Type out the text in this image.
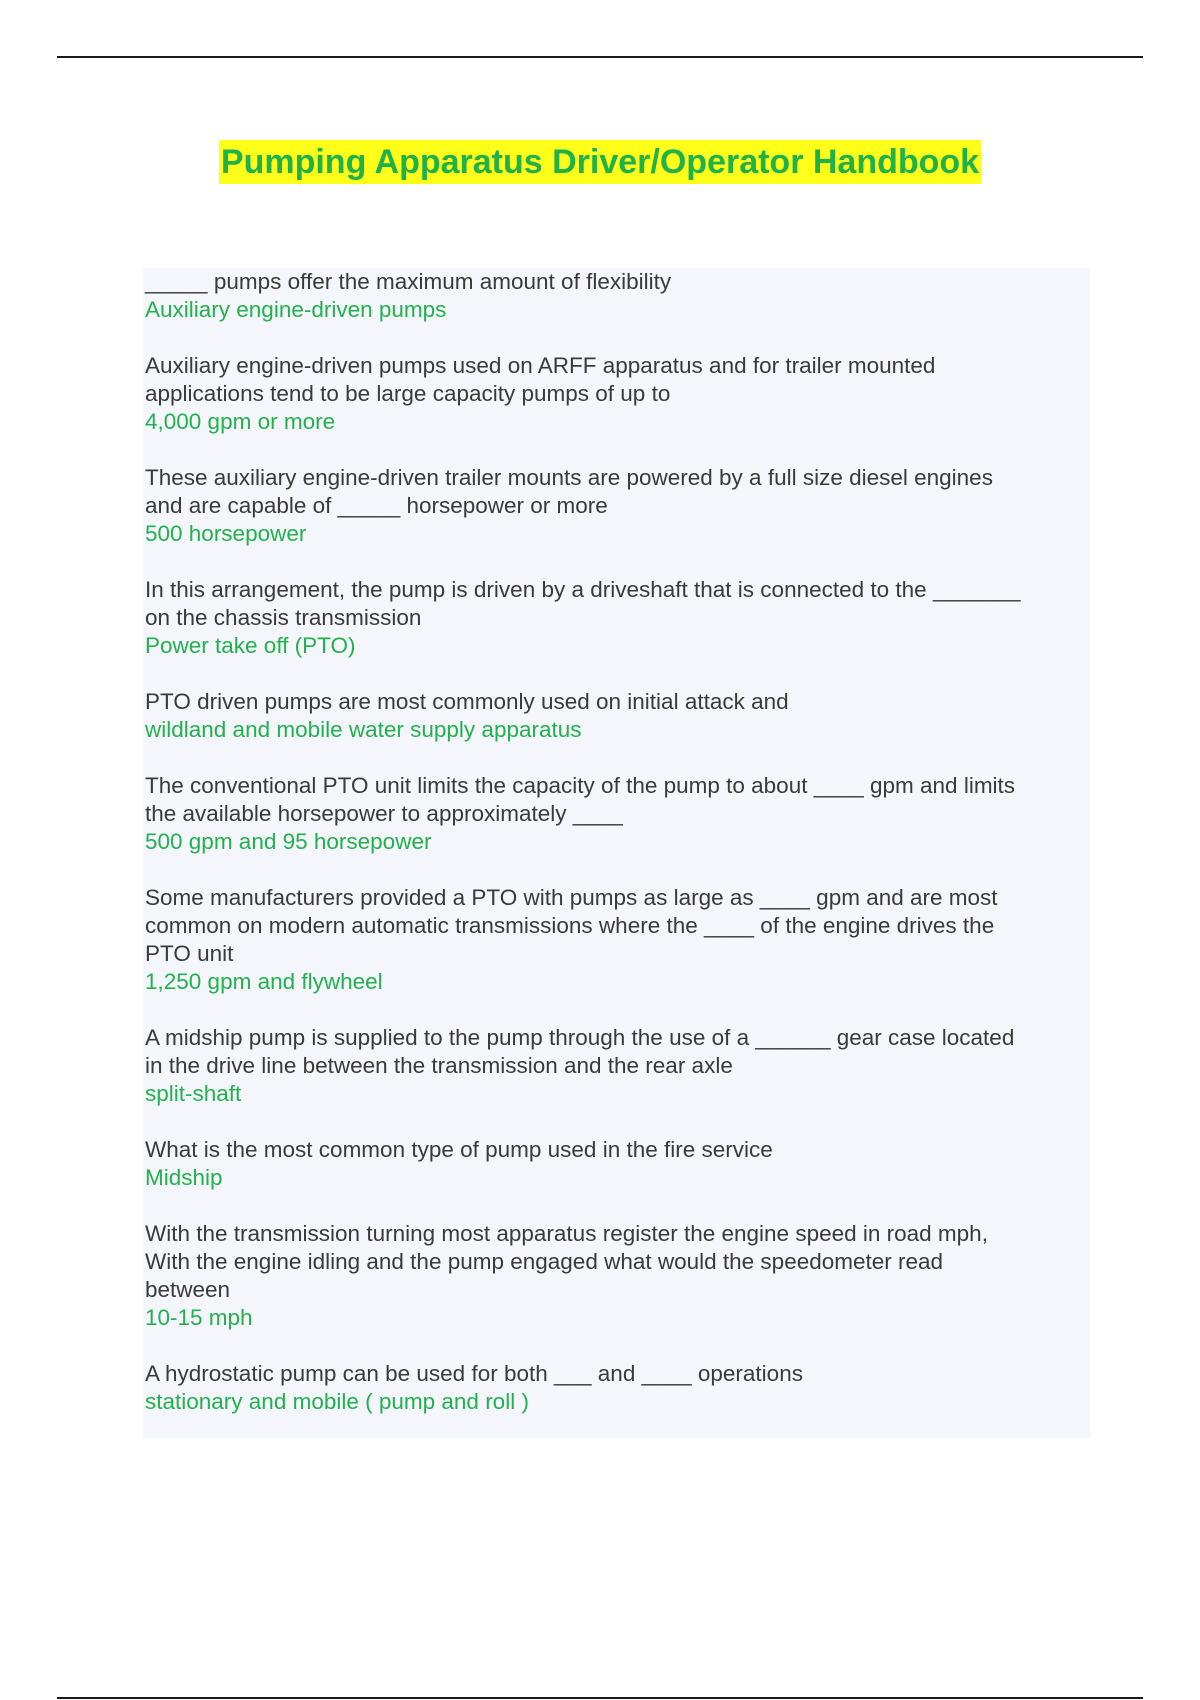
Pumping Apparatus Driver/Operator Handbook
_____ pumps offer the maximum amount of flexibility
Auxiliary engine-driven pumps
Auxiliary engine-driven pumps used on ARFF apparatus and for trailer mounted
applications tend to be large capacity pumps of up to
4,000 gpm or more
These auxiliary engine-driven trailer mounts are powered by a full size diesel engines
and are capable of _____ horsepower or more
500 horsepower
In this arrangement, the pump is driven by a driveshaft that is connected to the _______
on the chassis transmission
Power take off (PTO)
PTO driven pumps are most commonly used on initial attack and
wildland and mobile water supply apparatus
The conventional PTO unit limits the capacity of the pump to about ____ gpm and limits
the available horsepower to approximately ____
500 gpm and 95 horsepower
Some manufacturers provided a PTO with pumps as large as ____ gpm and are most
common on modern automatic transmissions where the ____ of the engine drives the
PTO unit
1,250 gpm and flywheel
A midship pump is supplied to the pump through the use of a ______ gear case located
in the drive line between the transmission and the rear axle
split-shaft
What is the most common type of pump used in the fire service
Midship
With the transmission turning most apparatus register the engine speed in road mph,
With the engine idling and the pump engaged what would the speedometer read
between
10-15 mph
A hydrostatic pump can be used for both ___ and ____ operations
stationary and mobile ( pump and roll )
